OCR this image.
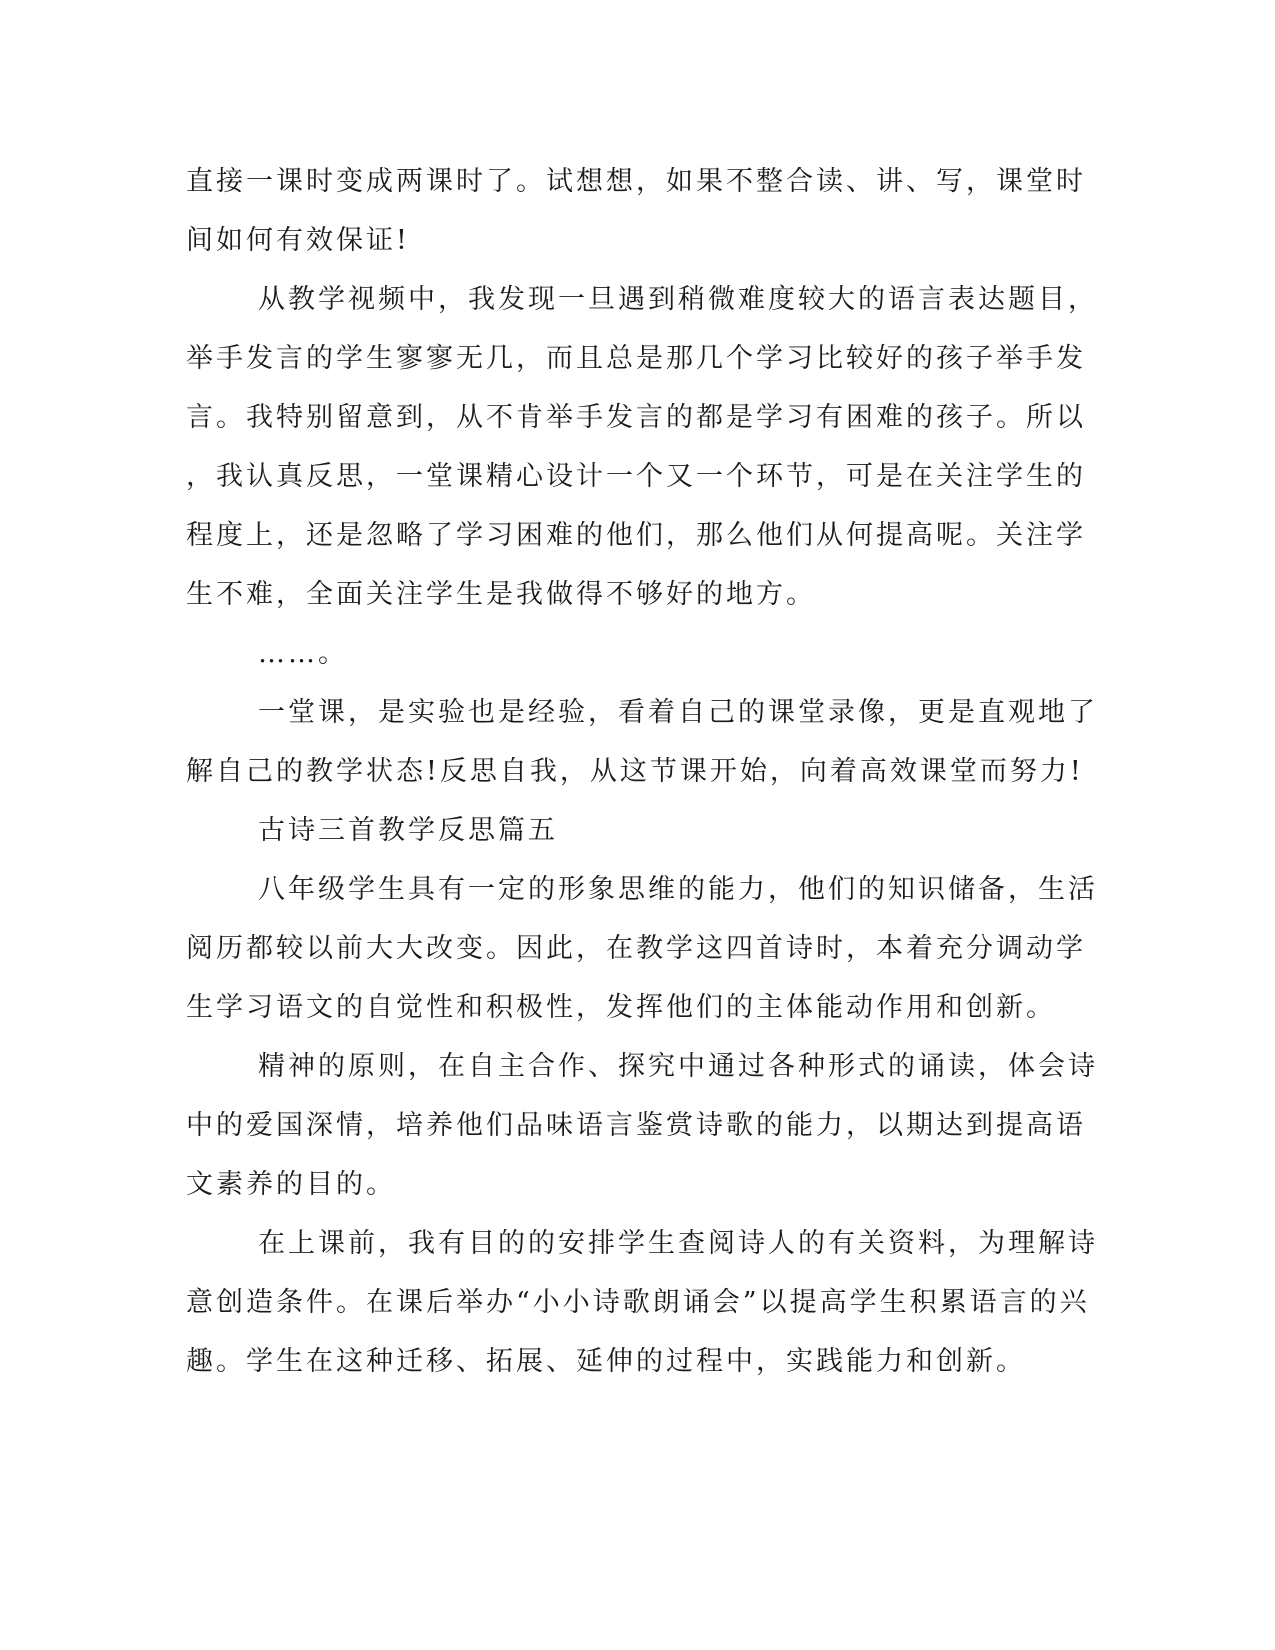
直接一课时变成两课时了。试想想，如果不整合读、讲、写，课堂时

间如何有效保证!

从教学视频中，我发现一旦遇到稍微难度较大的语言表达题目，

举手发言的学生寥寥无几，而且总是那几个学习比较好的孩子举手发

言。我特别留意到，从不肯举手发言的都是学习有困难的孩子。所以

，我认真反思，一堂课精心设计一个又一个环节，可是在关注学生的

程度上，还是忽略了学习困难的他们，那么他们从何提高呢。关注学

生不难，全面关注学生是我做得不够好的地方。

……。

一堂课，是实验也是经验，看着自己的课堂录像，更是直观地了

解自己的教学状态!反思自我，从这节课开始，向着高效课堂而努力!

古诗三首教学反思篇五

八年级学生具有一定的形象思维的能力，他们的知识储备，生活

阅历都较以前大大改变。因此，在教学这四首诗时，本着充分调动学

生学习语文的自觉性和积极性，发挥他们的主体能动作用和创新。

精神的原则，在自主合作、探究中通过各种形式的诵读，体会诗

中的爱国深情，培养他们品味语言鉴赏诗歌的能力，以期达到提高语

文素养的目的。

在上课前，我有目的的安排学生查阅诗人的有关资料，为理解诗

意创造条件。在课后举办“小小诗歌朗诵会”以提高学生积累语言的兴

趣。学生在这种迁移、拓展、延伸的过程中，实践能力和创新。
